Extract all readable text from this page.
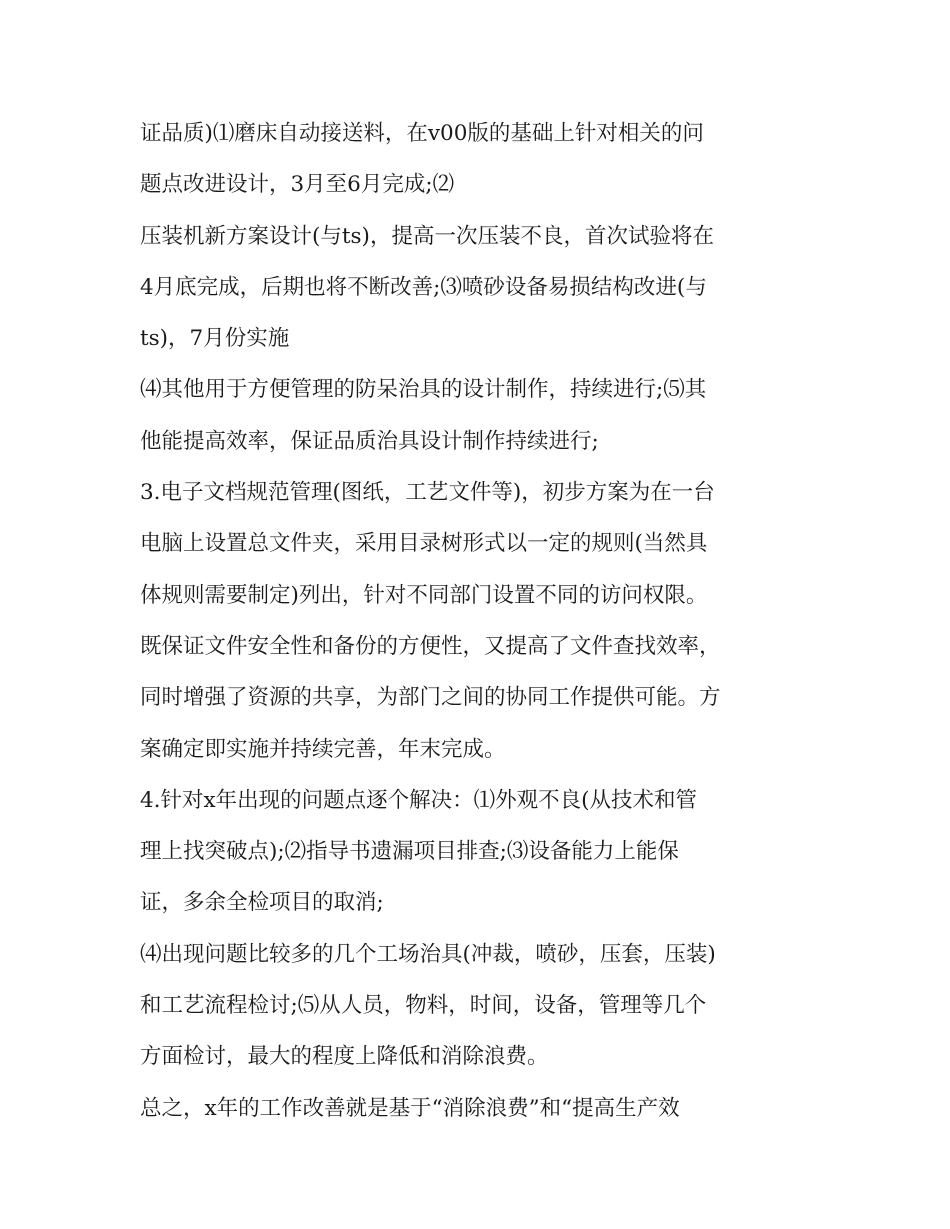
证品质)⑴磨床自动接送料，在v00版的基础上针对相关的问
题点改进设计，3月至6月完成;⑵
压装机新方案设计(与ts)，提高一次压装不良，首次试验将在
4月底完成，后期也将不断改善;⑶喷砂设备易损结构改进(与
ts)，7月份实施
⑷其他用于方便管理的防呆治具的设计制作，持续进行;⑸其
他能提高效率，保证品质治具设计制作持续进行;
3.电子文档规范管理(图纸，工艺文件等)，初步方案为在一台
电脑上设置总文件夹，采用目录树形式以一定的规则(当然具
体规则需要制定)列出，针对不同部门设置不同的访问权限。
既保证文件安全性和备份的方便性，又提高了文件查找效率，
同时增强了资源的共享，为部门之间的协同工作提供可能。方
案确定即实施并持续完善，年末完成。
4.针对x年出现的问题点逐个解决：⑴外观不良(从技术和管
理上找突破点);⑵指导书遗漏项目排查;⑶设备能力上能保
证，多余全检项目的取消;
⑷出现问题比较多的几个工场治具(冲裁，喷砂，压套，压装)
和工艺流程检讨;⑸从人员，物料，时间，设备，管理等几个
方面检讨，最大的程度上降低和消除浪费。
总之，x年的工作改善就是基于“消除浪费”和“提高生产效
